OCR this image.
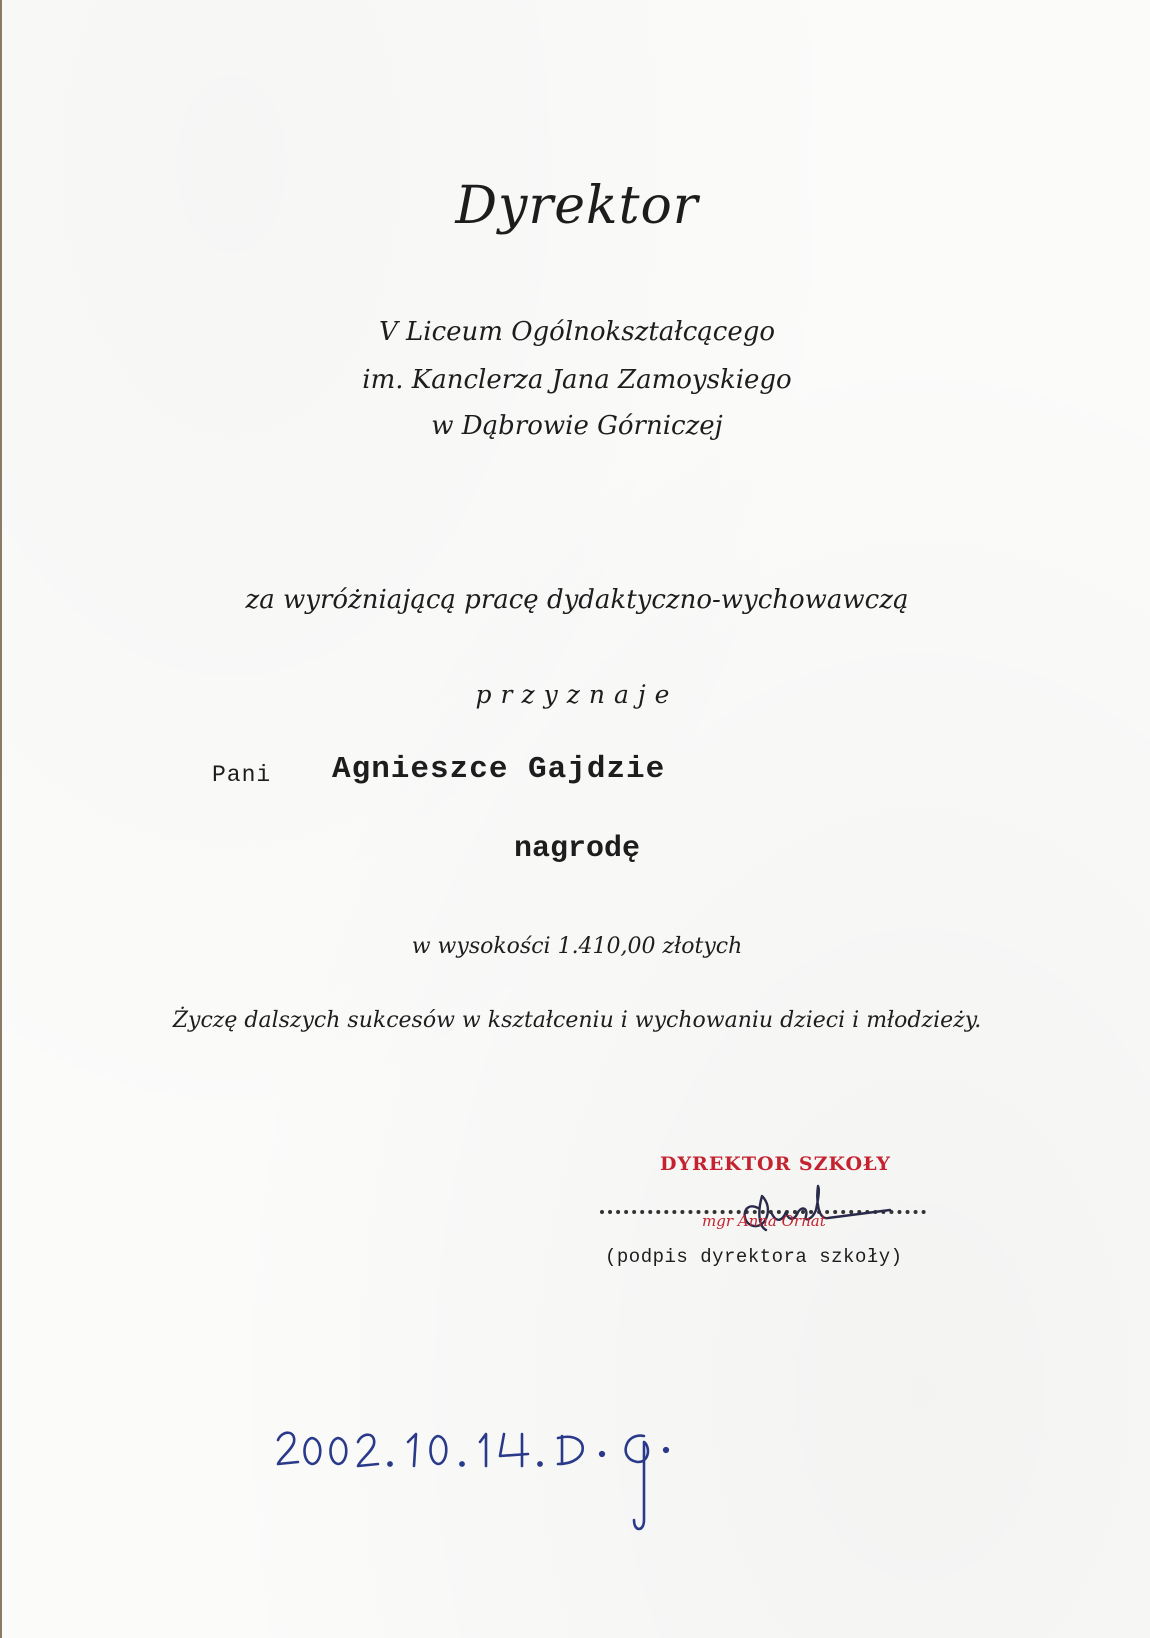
Dyrektor
V Liceum Ogólnokształcącego
im. Kanclerza Jana Zamoyskiego
w Dąbrowie Górniczej
za wyróżniającą pracę dydaktyczno-wychowawczą
przyznaje
Pani Agnieszce Gajdzie
nagrodę
w wysokości 1.410,00 złotych
Życzę dalszych sukcesów w kształceniu i wychowaniu dzieci i młodzieży.
DYREKTOR SZKOŁY
mgr Anna Ornat
(podpis dyrektora szkoły)
